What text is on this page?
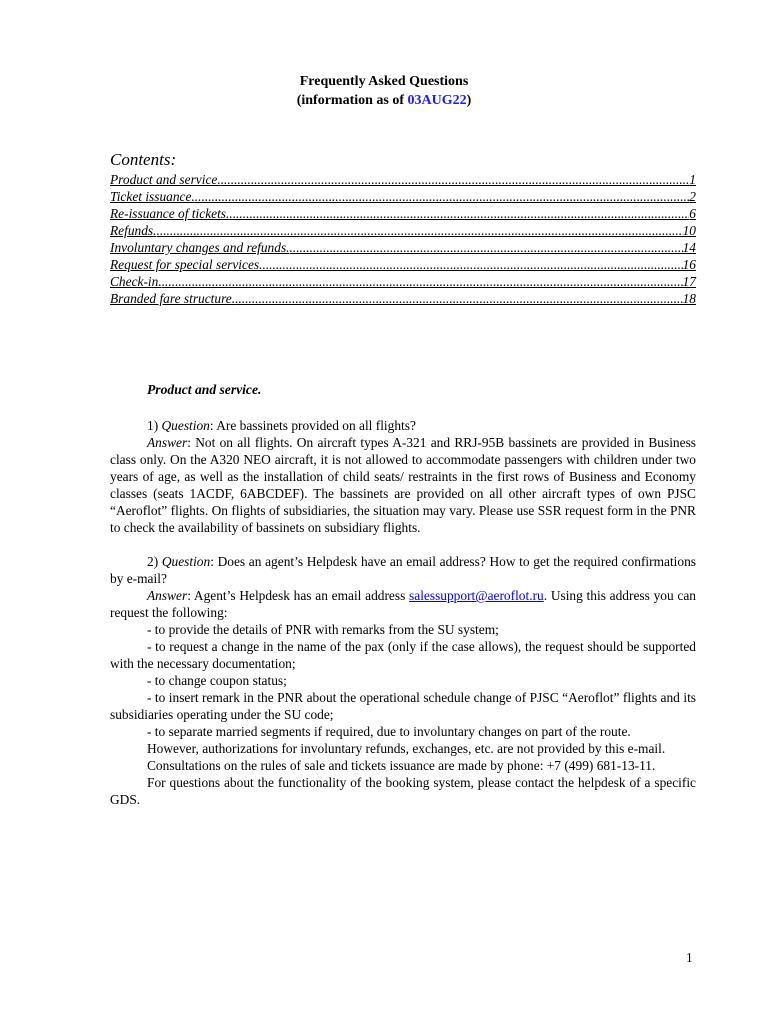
Frequently Asked Questions
(information as of 03AUG22)
Contents:
Product and service. .....	1
Ticket issuance. .....	2
Re-issuance of tickets. .....	6
Refunds. .....	10
Involuntary changes and refunds. .....	14
Request for special services. .....	16
Check-in. .....	17
Branded fare structure. .....	18
Product and service.

1) Question: Are bassinets provided on all flights?

Answer: Not on all flights. On aircraft types A-321 and RRJ-95B bassinets are provided in Business class only. On the A320 NEO aircraft, it is not allowed to accommodate passengers with children under two years of age, as well as the installation of child seats/ restraints in the first rows of Business and Economy classes (seats 1ACDF, 6ABCDEF). The bassinets are provided on all other aircraft types of own PJSC “Aeroflot” flights. On flights of subsidiaries, the situation may vary. Please use SSR request form in the PNR to check the availability of bassinets on subsidiary flights.

2) Question: Does an agent’s Helpdesk have an email address? How to get the required confirmations by e-mail?

Answer: Agent’s Helpdesk has an email address salessupport@aeroflot.ru. Using this address you can request the following:

- to provide the details of PNR with remarks from the SU system;

- to request a change in the name of the pax (only if the case allows), the request should be supported with the necessary documentation;

- to change coupon status;

- to insert remark in the PNR about the operational schedule change of PJSC “Aeroflot” flights and its subsidiaries operating under the SU code;

- to separate married segments if required, due to involuntary changes on part of the route.

However, authorizations for involuntary refunds, exchanges, etc. are not provided by this e-mail.

Consultations on the rules of sale and tickets issuance are made by phone: +7 (499) 681-13-11.

For questions about the functionality of the booking system, please contact the helpdesk of a specific GDS.

1
